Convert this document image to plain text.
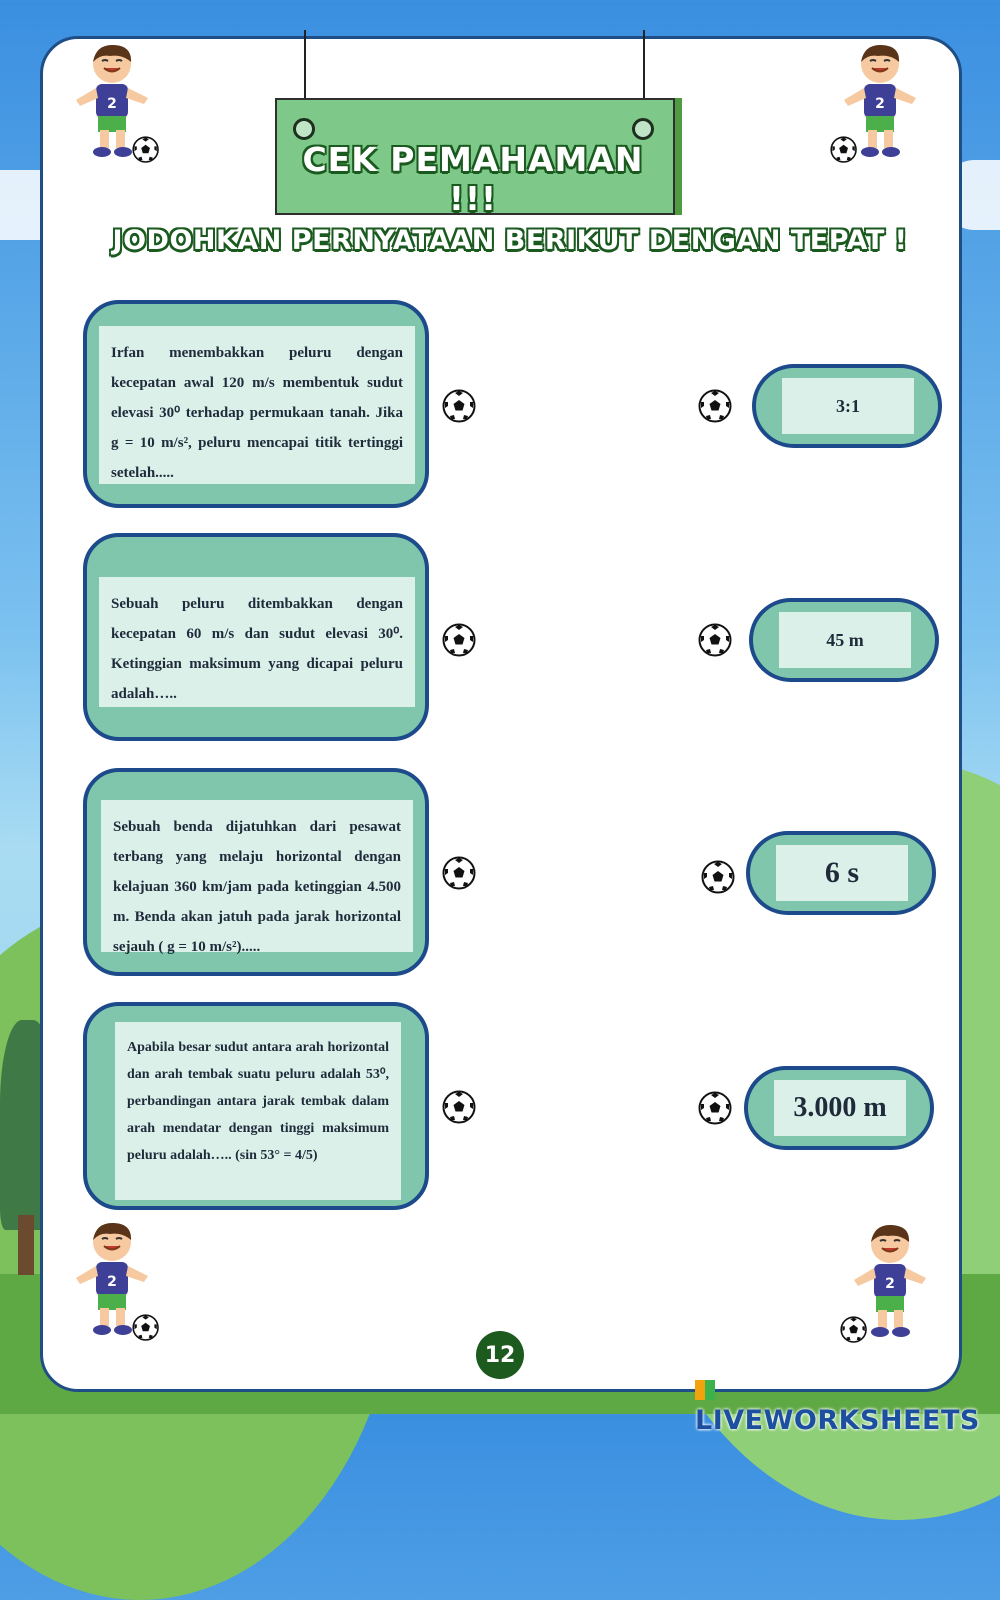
CEK PEMAHAMAN !!!
JODOHKAN PERNYATAAN BERIKUT DENGAN TEPAT !
Irfan menembakkan peluru dengan kecepatan awal 120 m/s membentuk sudut elevasi 30⁰ terhadap permukaan tanah. Jika g = 10 m/s², peluru mencapai titik tertinggi setelah.....
Sebuah peluru ditembakkan dengan kecepatan 60 m/s dan sudut elevasi 30⁰. Ketinggian maksimum yang dicapai peluru adalah…..
Sebuah benda dijatuhkan dari pesawat terbang yang melaju horizontal dengan kelajuan 360 km/jam pada ketinggian 4.500 m. Benda akan jatuh pada jarak horizontal sejauh ( g = 10 m/s²).....
Apabila besar sudut antara arah horizontal dan arah tembak suatu peluru adalah 53⁰, perbandingan antara jarak tembak dalam arah mendatar dengan tinggi maksimum peluru adalah….. (sin 53° = 4/5)
3:1
45 m
6 s
3.000 m
12
LIVEWORKSHEETS
